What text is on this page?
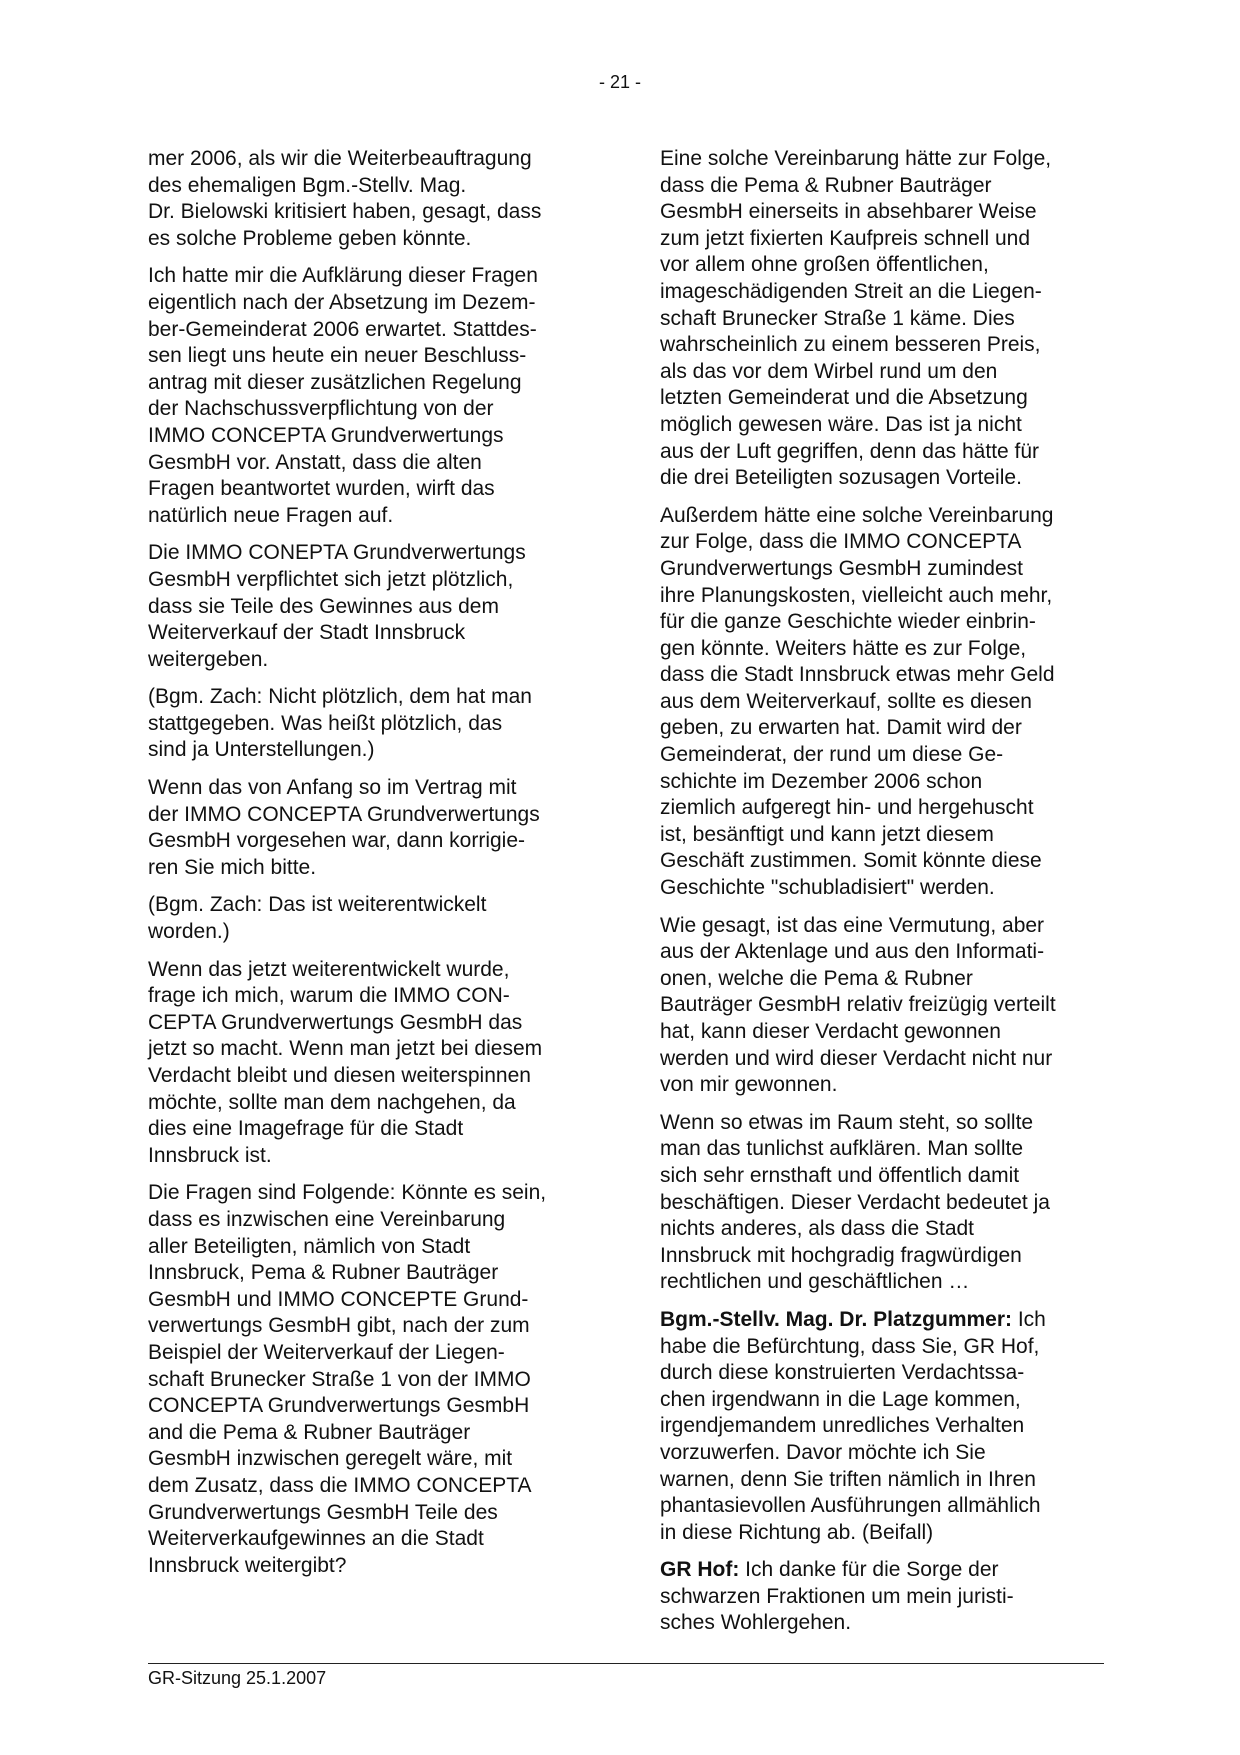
- 21 -

mer 2006, als wir die Weiterbeauftragung
des ehemaligen Bgm.-Stellv. Mag.
Dr. Bielowski kritisiert haben, gesagt, dass
es solche Probleme geben könnte.

Ich hatte mir die Aufklärung dieser Fragen
eigentlich nach der Absetzung im Dezem-
ber-Gemeinderat 2006 erwartet. Stattdes-
sen liegt uns heute ein neuer Beschluss-
antrag mit dieser zusätzlichen Regelung
der Nachschussverpflichtung von der
IMMO CONCEPTA Grundverwertungs
GesmbH vor. Anstatt, dass die alten
Fragen beantwortet wurden, wirft das
natürlich neue Fragen auf.

Die IMMO CONEPTA Grundverwertungs
GesmbH verpflichtet sich jetzt plötzlich,
dass sie Teile des Gewinnes aus dem
Weiterverkauf der Stadt Innsbruck
weitergeben.

(Bgm. Zach: Nicht plötzlich, dem hat man
stattgegeben. Was heißt plötzlich, das
sind ja Unterstellungen.)

Wenn das von Anfang so im Vertrag mit
der IMMO CONCEPTA Grundverwertungs
GesmbH vorgesehen war, dann korrigie-
ren Sie mich bitte.

(Bgm. Zach: Das ist weiterentwickelt
worden.)

Wenn das jetzt weiterentwickelt wurde,
frage ich mich, warum die IMMO CON-
CEPTA Grundverwertungs GesmbH das
jetzt so macht. Wenn man jetzt bei diesem
Verdacht bleibt und diesen weiterspinnen
möchte, sollte man dem nachgehen, da
dies eine Imagefrage für die Stadt
Innsbruck ist.

Die Fragen sind Folgende: Könnte es sein,
dass es inzwischen eine Vereinbarung
aller Beteiligten, nämlich von Stadt
Innsbruck, Pema & Rubner Bauträger
GesmbH und IMMO CONCEPTE Grund-
verwertungs GesmbH gibt, nach der zum
Beispiel der Weiterverkauf der Liegen-
schaft Brunecker Straße 1 von der IMMO
CONCEPTA Grundverwertungs GesmbH
and die Pema & Rubner Bauträger
GesmbH inzwischen geregelt wäre, mit
dem Zusatz, dass die IMMO CONCEPTA
Grundverwertungs GesmbH Teile des
Weiterverkaufgewinnes an die Stadt
Innsbruck weitergibt?

Eine solche Vereinbarung hätte zur Folge,
dass die Pema & Rubner Bauträger
GesmbH einerseits in absehbarer Weise
zum jetzt fixierten Kaufpreis schnell und
vor allem ohne großen öffentlichen,
imageschädigenden Streit an die Liegen-
schaft Brunecker Straße 1 käme. Dies
wahrscheinlich zu einem besseren Preis,
als das vor dem Wirbel rund um den
letzten Gemeinderat und die Absetzung
möglich gewesen wäre. Das ist ja nicht
aus der Luft gegriffen, denn das hätte für
die drei Beteiligten sozusagen Vorteile.

Außerdem hätte eine solche Vereinbarung
zur Folge, dass die IMMO CONCEPTA
Grundverwertungs GesmbH zumindest
ihre Planungskosten, vielleicht auch mehr,
für die ganze Geschichte wieder einbrin-
gen könnte. Weiters hätte es zur Folge,
dass die Stadt Innsbruck etwas mehr Geld
aus dem Weiterverkauf, sollte es diesen
geben, zu erwarten hat. Damit wird der
Gemeinderat, der rund um diese Ge-
schichte im Dezember 2006 schon
ziemlich aufgeregt hin- und hergehuscht
ist, besänftigt und kann jetzt diesem
Geschäft zustimmen. Somit könnte diese
Geschichte "schubladisiert" werden.

Wie gesagt, ist das eine Vermutung, aber
aus der Aktenlage und aus den Informati-
onen, welche die Pema & Rubner
Bauträger GesmbH relativ freizügig verteilt
hat, kann dieser Verdacht gewonnen
werden und wird dieser Verdacht nicht nur
von mir gewonnen.

Wenn so etwas im Raum steht, so sollte
man das tunlichst aufklären. Man sollte
sich sehr ernsthaft und öffentlich damit
beschäftigen. Dieser Verdacht bedeutet ja
nichts anderes, als dass die Stadt
Innsbruck mit hochgradig fragwürdigen
rechtlichen und geschäftlichen …

Bgm.-Stellv. Mag. Dr. Platzgummer: Ich
habe die Befürchtung, dass Sie, GR Hof,
durch diese konstruierten Verdachtssa-
chen irgendwann in die Lage kommen,
irgendjemandem unredliches Verhalten
vorzuwerfen. Davor möchte ich Sie
warnen, denn Sie triften nämlich in Ihren
phantasievollen Ausführungen allmählich
in diese Richtung ab. (Beifall)

GR Hof: Ich danke für die Sorge der
schwarzen Fraktionen um mein juristi-
sches Wohlergehen.

GR-Sitzung 25.1.2007
